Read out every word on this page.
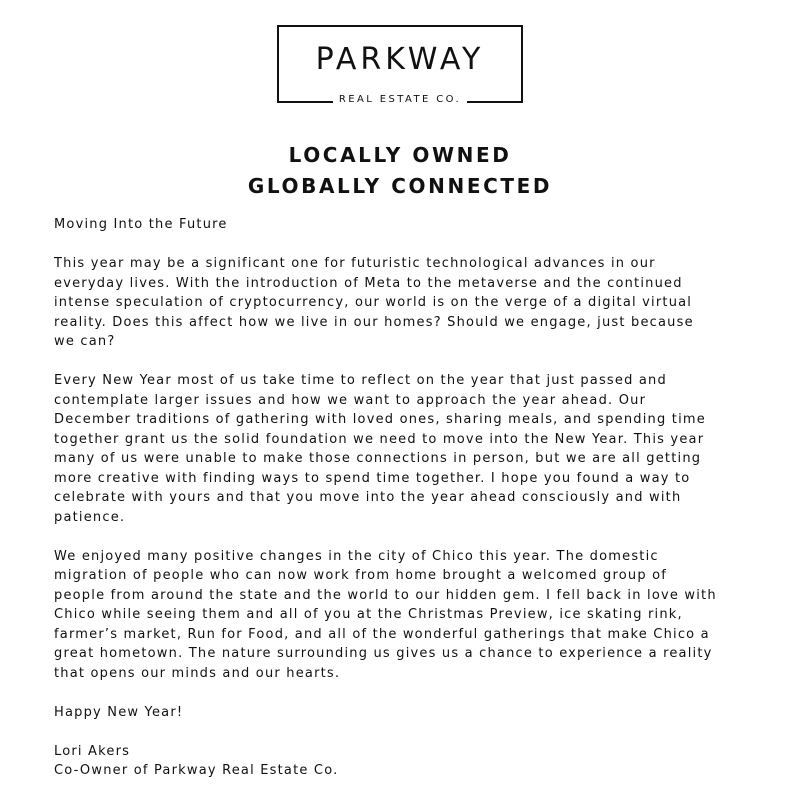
PARKWAY
REAL ESTATE CO.
LOCALLY OWNED
GLOBALLY CONNECTED
Moving Into the Future
This year may be a significant one for futuristic technological advances in our
everyday lives. With the introduction of Meta to the metaverse and the continued
intense speculation of cryptocurrency, our world is on the verge of a digital virtual
reality. Does this affect how we live in our homes? Should we engage, just because
we can?
Every New Year most of us take time to reflect on the year that just passed and
contemplate larger issues and how we want to approach the year ahead. Our
December traditions of gathering with loved ones, sharing meals, and spending time
together grant us the solid foundation we need to move into the New Year. This year
many of us were unable to make those connections in person, but we are all getting
more creative with finding ways to spend time together. I hope you found a way to
celebrate with yours and that you move into the year ahead consciously and with
patience.
We enjoyed many positive changes in the city of Chico this year. The domestic
migration of people who can now work from home brought a welcomed group of
people from around the state and the world to our hidden gem. I fell back in love with
Chico while seeing them and all of you at the Christmas Preview, ice skating rink,
farmer’s market, Run for Food, and all of the wonderful gatherings that make Chico a
great hometown. The nature surrounding us gives us a chance to experience a reality
that opens our minds and our hearts.
Happy New Year!
Lori Akers
Co-Owner of Parkway Real Estate Co.
